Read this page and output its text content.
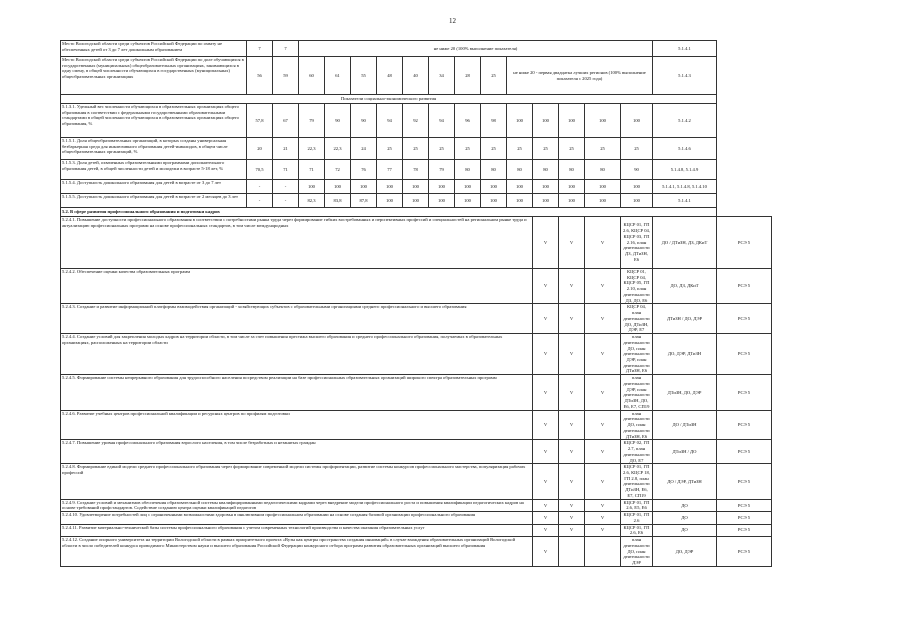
12
Место Вологодской области среди субъектов Российской Федерации по охвату не обеспеченных детей от 3 до 7 лет дошкольным образованием	7	7	не ниже 20 (100% выполнение показателя)													5.1.4.1	
Место Вологодской области среди субъектов Российской Федерации по доле обучающихся в государственных (муниципальных) общеобразовательных организациях, занимающихся в одну смену, в общей численности обучающихся в государственных (муниципальных) общеобразовательных организациях	56	59	60	61	55	48	40	34	28	25	не ниже 20 - первая двадцатка лучших регионов (100% выполнение показателя с 2025 года)					5.1.4.3	
Показатели социально-экономического развития																	
5.1.3.1. Удельный вес численности обучающихся в образовательных организациях общего образования в соответствии с федеральными государственными образовательными стандартами в общей численности обучающихся в образовательных организациях общего образования, %	57,8	67	79	90	90	94	92	94	96	98	100	100	100	100	100	5.1.4.2	
5.1.5.1. Доля общеобразовательных организаций, в которых созданы универсальная безбарьерная среда для инклюзивного образования детей-инвалидов, в общем числе общеобразовательных организаций, %	20	21	22,3	22,3	24	25	25	25	25	25	25	25	25	25	25	5.1.4.6	
5.1.5.3. Доля детей, охваченных образовательными программами дополнительного образования детей, в общей численности детей и молодежи в возрасте 5-18 лет, %	70,5	71	71	72	76	77	78	79	80	80	80	80	80	80	90	5.1.4.8, 5.1.4.9	
5.1.5.4. Доступность дошкольного образования для детей в возрасте от 3 до 7 лет	-	-	100	100	100	100	100	100	100	100	100	100	100	100	100	5.1.4.1, 5.1.4.8, 5.1.4.10	
5.1.5.5. Доступность дошкольного образования для детей в возрасте от 2 месяцев до 3 лет	-	-	82,3	83,8	87,8	100	100	100	100	100	100	100	100	100	100	5.1.4.1	
5.2. В сфере развития профессионального образования и подготовки кадров																	
5.2.4.1. Повышение доступности профессионального образования в соответствии с потребностями рынка труда через формирование гибких востребованных и перспективных профессий и специальностей на региональном рынке труда и актуализацию профессиональных программ на основе профессиональных стандартов, в том числе международных												V	V	V	КЦСР 01, ГП 2.6, КЦСР 04, КЦСР 03, ГП 2.16, план деятельности ДЗ, ДТиЗН, Е6	ДО / ДТиЗН, ДЗ, ДКиТ	РСЭ 5
5.2.4.2. Обеспечение оценки качества образовательных программ												V	V	V	КЦСР 01, КЦСР 04, КЦСР 05, ГП 2.10, план деятельности ДЗ, ДО, Е6	ДО, ДЗ, ДКиТ	РСЭ 5
5.2.4.3. Создание и развитие информационной платформы взаимодействия организаций - хозяйствующих субъектов с образовательными организациями среднего профессионального и высшего образования												V	V	V	КЦСР 04, план деятельности ДО, ДТиЗН, ДЭР, Е7	ДТиЗН / ДО, ДЭР	РСЭ 5
5.2.4.4. Создание условий для закрепления молодых кадров на территории области, в том числе за счет повышения престижа высшего образования и среднего профессионального образования, получаемых в образовательных организациях, расположенных на территории области												V	V	V	план деятельности ДО, план деятельности ДЭР, план деятельности ДТиЗН, Е6	ДО, ДЭР, ДТиЗН	РСЭ 5
5.2.4.5. Формирование системы непрерывного образования для трудоспособного населения посредством реализации на базе профессиональных образовательных организаций широкого спектра образовательных программ												V	V	V	план деятельности ДЭР, план деятельности ДТиЗН, ДО, Е6, Е7, СП19	ДТиЗН, ДО, ДЭР	РСЭ 5
5.2.4.6. Развитие учебных центров профессиональной квалификации и ресурсных центров по профилям подготовки												V	V	V	план деятельности ДО, план деятельности ДТиЗН, Е6	ДО / ДТиЗН	РСЭ 5
5.2.4.7. Повышение уровня профессионального образования взрослого населения, в том числе безработных и незанятых граждан												V	V	V	КЦСР 02, ГП 2.7, план деятельности ДО, Е7	ДТиЗН / ДО	РСЭ 5
5.2.4.8. Формирование единой модели среднего профессионального образования через формирование современной модели системы профориентации, развитие системы конкурсов профессионального мастерства, популяризация рабочих профессий												V	V	V	КЦСР 01, ГП 2.6, КЦСР 18, ГП 2.8, план деятельности ДТиЗН, Е6, Е7, СП19	ДО / ДЭР, ДТиЗН	РСЭ 5
5.2.4.9. Создание условий и механизмов обеспечения образовательной системы квалифицированными педагогическими кадрами через внедрение модели профессионального роста и повышения квалификации педагогических кадров на основе требований профстандартов. Содействие созданию центра оценки квалификаций педагогов												V	V	V	КЦСР 01, ГП 2.6, Е5, Е6	ДО	РСЭ 5
5.2.4.10. Удовлетворение потребностей лиц с ограниченными возможностями здоровья в инклюзивном профессиональном образовании на основе создания базовой организации профессионального образования												V	V	V	КЦСР 01, ГП 2.6	ДО	РСЭ 5
5.2.4.11. Развитие материально-технической базы системы профессионального образования с учетом современных технологий производства и качества оказания образовательных услуг												V	V	V	КЦСР 01, ГП 2.6, Е6	ДО	РСЭ 5
5.2.4.12. Создание опорного университета на территории Вологодской области в рамках приоритетного проекта «Вузы как центры пространства создания инноваций» в случае вхождения образовательных организаций Вологодской области в число победителей конкурса проводимого Министерством науки и высшего образования Российской Федерации конкурсного отбора программ развития образовательных организаций высшего образования												V			план деятельности ДО, план деятельности ДЭР	ДО, ДЭР	РСЭ 5
